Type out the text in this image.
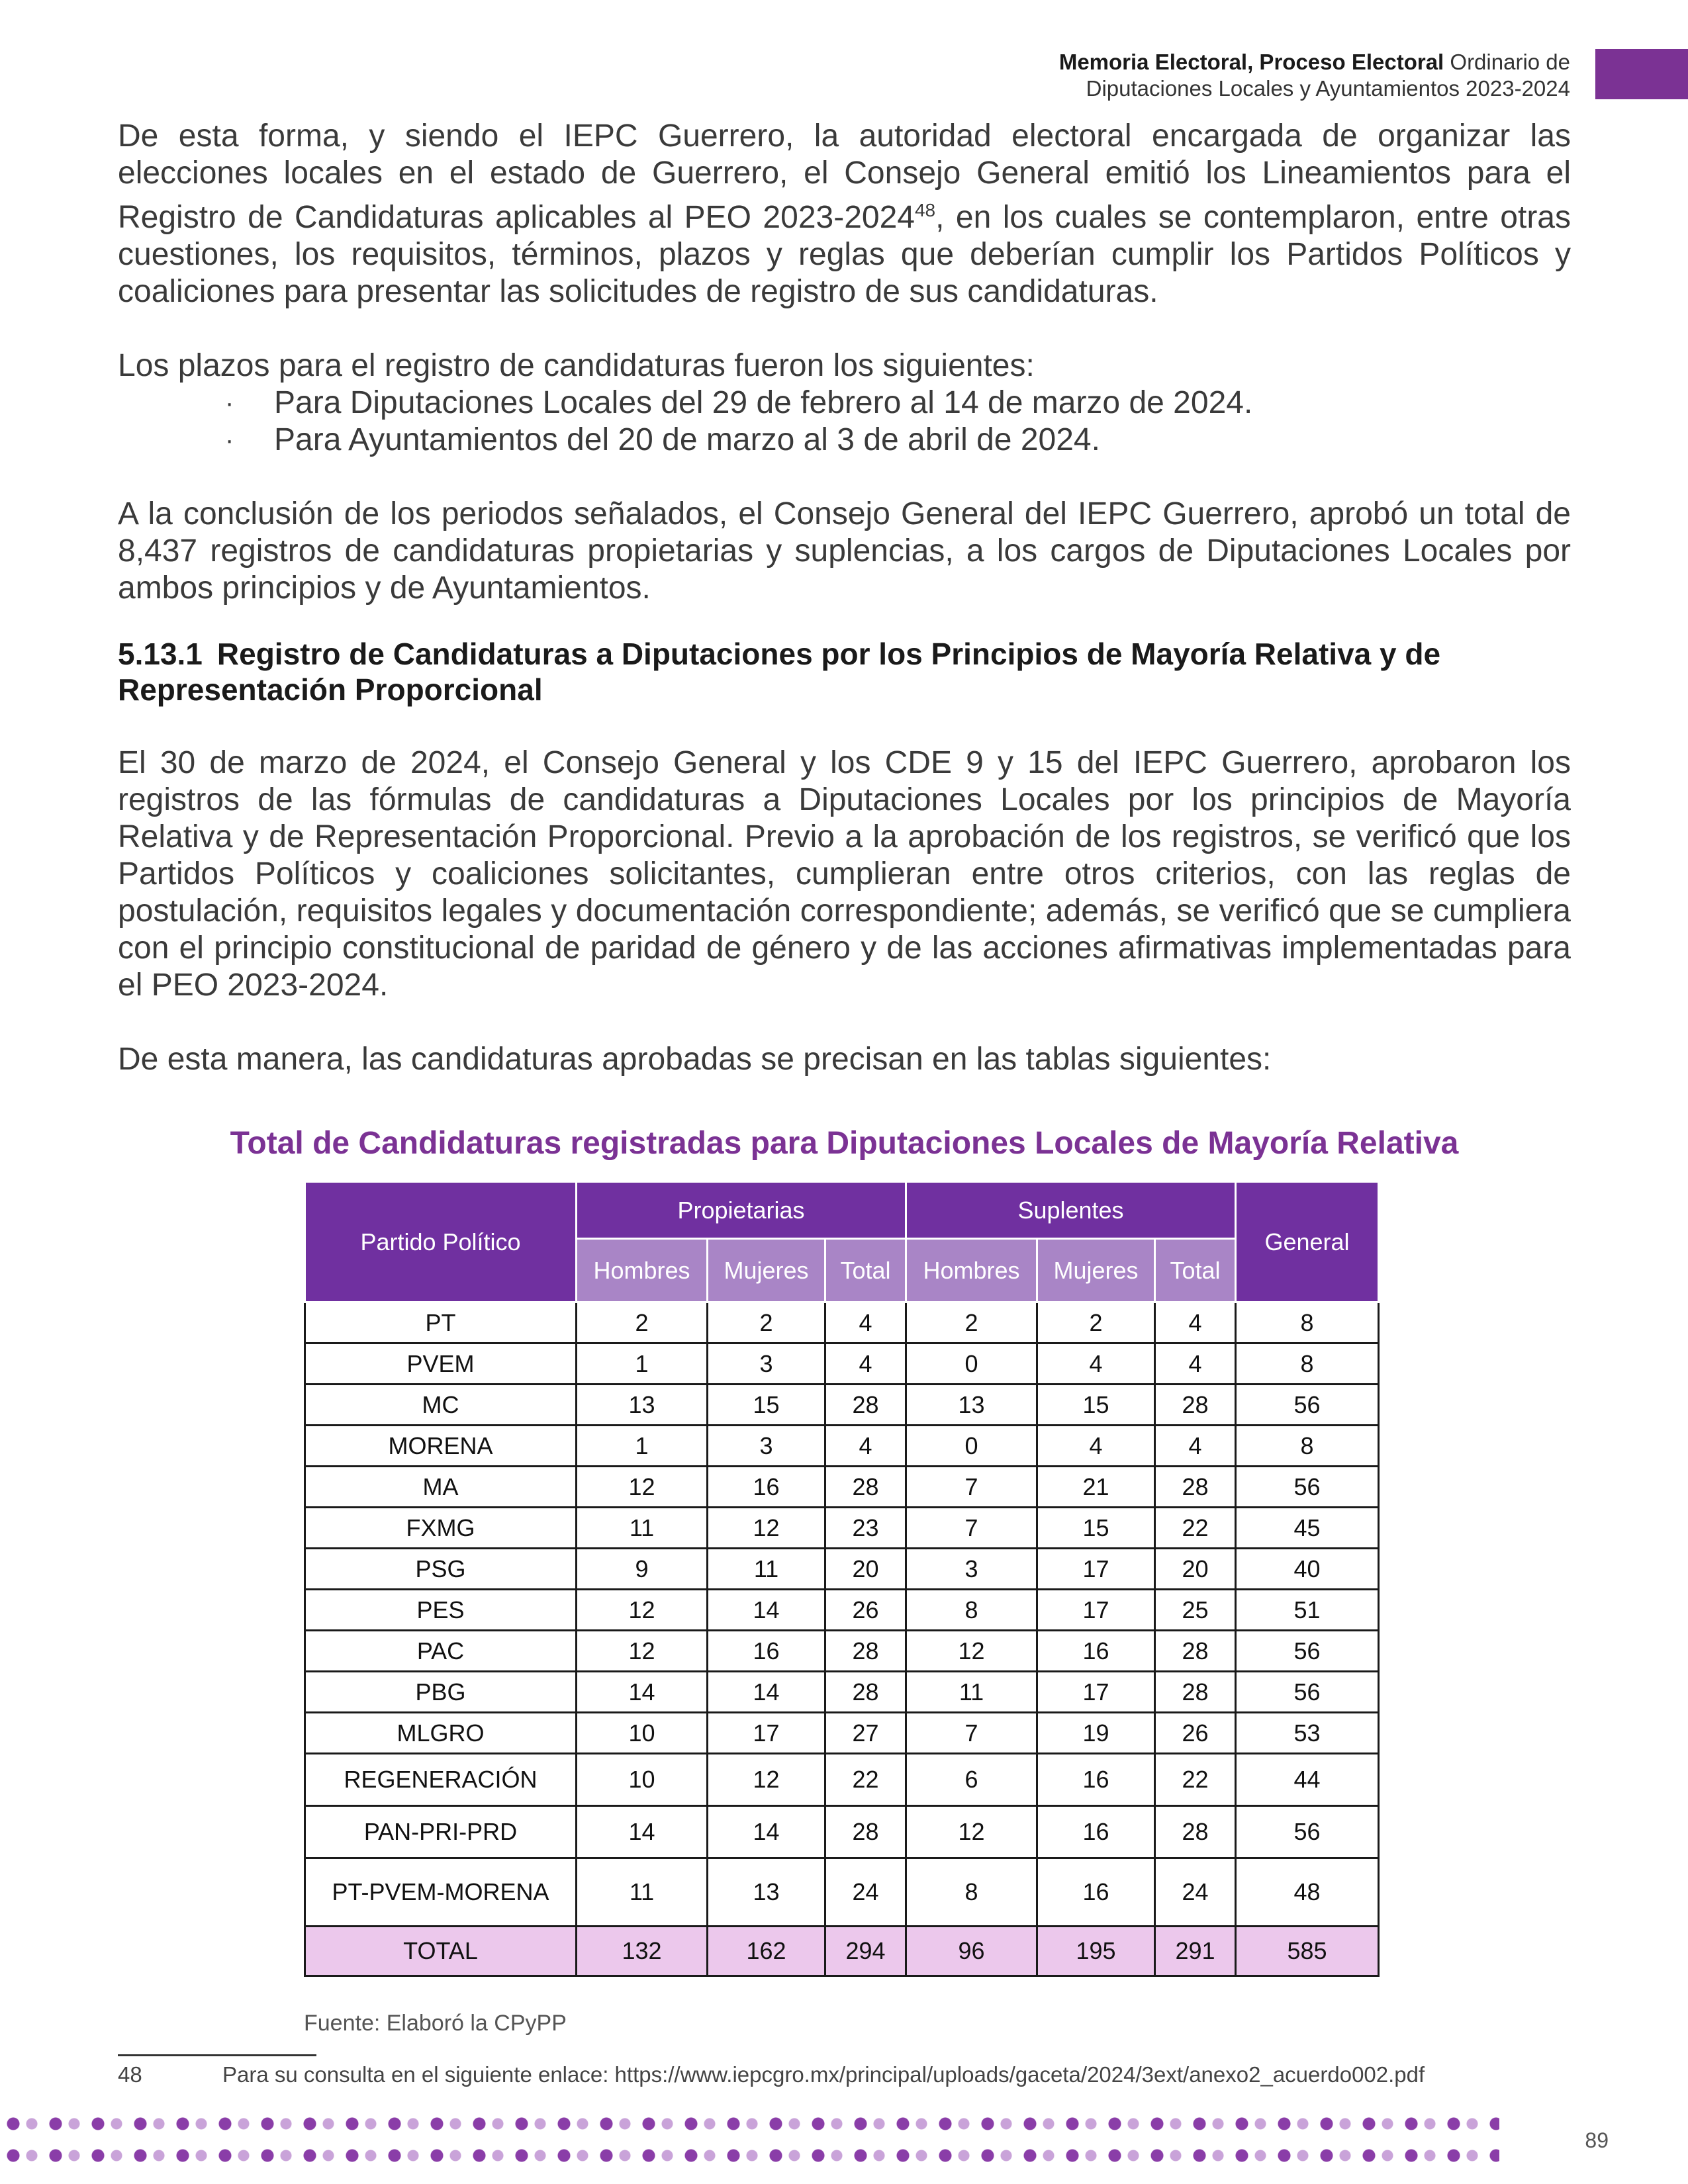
Memoria Electoral, Proceso Electoral Ordinario de
Diputaciones Locales y Ayuntamientos 2023-2024

De esta forma, y siendo el IEPC Guerrero, la autoridad electoral encargada de organizar las elecciones locales en el estado de Guerrero, el Consejo General emitió los Lineamientos para el Registro de Candidaturas aplicables al PEO 2023-2024$^{48}$, en los cuales se contemplaron, entre otras cuestiones, los requisitos, términos, plazos y reglas que deberían cumplir los Partidos Políticos y coaliciones para presentar las solicitudes de registro de sus candidaturas.

Los plazos para el registro de candidaturas fueron los siguientes:

· Para Diputaciones Locales del 29 de febrero al 14 de marzo de 2024.
· Para Ayuntamientos del 20 de marzo al 3 de abril de 2024.

A la conclusión de los periodos señalados, el Consejo General del IEPC Guerrero, aprobó un total de 8,437 registros de candidaturas propietarias y suplencias, a los cargos de Diputaciones Locales por ambos principios y de Ayuntamientos.

5.13.1 Registro de Candidaturas a Diputaciones por los Principios de Mayoría Relativa y de Representación Proporcional

El 30 de marzo de 2024, el Consejo General y los CDE 9 y 15 del IEPC Guerrero, aprobaron los registros de las fórmulas de candidaturas a Diputaciones Locales por los principios de Mayoría Relativa y de Representación Proporcional. Previo a la aprobación de los registros, se verificó que los Partidos Políticos y coaliciones solicitantes, cumplieran entre otros criterios, con las reglas de postulación, requisitos legales y documentación correspondiente; además, se verificó que se cumpliera con el principio constitucional de paridad de género y de las acciones afirmativas implementadas para el PEO 2023-2024.

De esta manera, las candidaturas aprobadas se precisan en las tablas siguientes:

Total de Candidaturas registradas para Diputaciones Locales de Mayoría Relativa
Partido Político	Propietarias			Suplentes			General
	Hombres	Mujeres	Total	Hombres	Mujeres	Total	
PT	2	2	4	2	2	4	8
PVEM	1	3	4	0	4	4	8
MC	13	15	28	13	15	28	56
MORENA	1	3	4	0	4	4	8
MA	12	16	28	7	21	28	56
FXMG	11	12	23	7	15	22	45
PSG	9	11	20	3	17	20	40
PES	12	14	26	8	17	25	51
PAC	12	16	28	12	16	28	56
PBG	14	14	28	11	17	28	56
MLGRO	10	17	27	7	19	26	53
REGENERACIÓN	10	12	22	6	16	22	44
PAN-PRI-PRD	14	14	28	12	16	28	56
PT-PVEM-MORENA	11	13	24	8	16	24	48
TOTAL	132	162	294	96	195	291	585
Fuente: Elaboró la CPyPP
48	Para su consulta en el siguiente enlace: https://www.iepcgro.mx/principal/uploads/gaceta/2024/3ext/anexo2_acuerdo002.pdf
89
